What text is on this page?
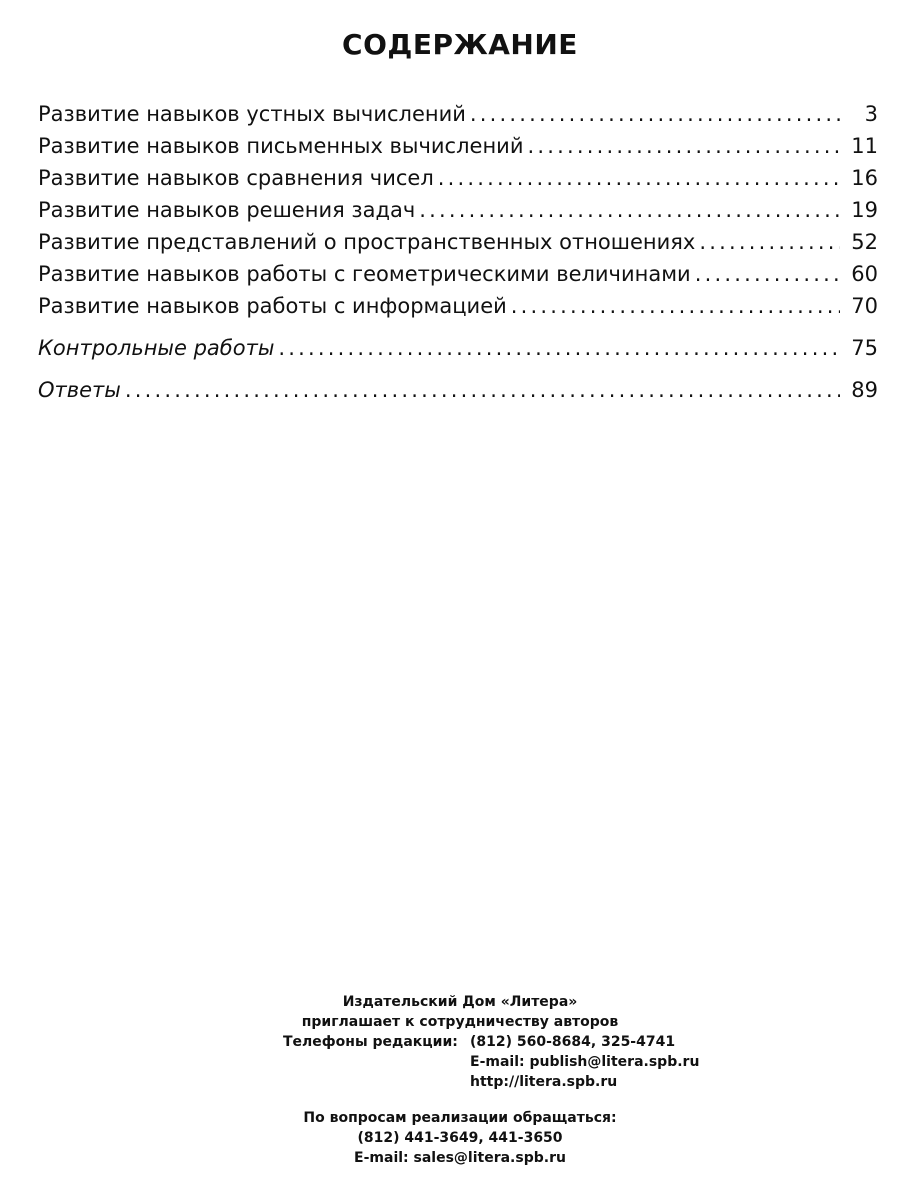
СОДЕРЖАНИЕ
Развитие навыков устных вычислений .....	3
Развитие навыков письменных вычислений .....	11
Развитие навыков сравнения чисел .....	16
Развитие навыков решения задач .....	19
Развитие представлений о пространственных отношениях .....	52
Развитие навыков работы с геометрическими величинами .....	60
Развитие навыков работы с информацией .....	70
Контрольные работы .....	75
Ответы .....	89
Издательский Дом «Литера»
приглашает к сотрудничеству авторов
Телефоны редакции: (812) 560-8684, 325-4741
E-mail: publish@litera.spb.ru
http://litera.spb.ru
По вопросам реализации обращаться:
(812) 441-3649, 441-3650
E-mail: sales@litera.spb.ru
